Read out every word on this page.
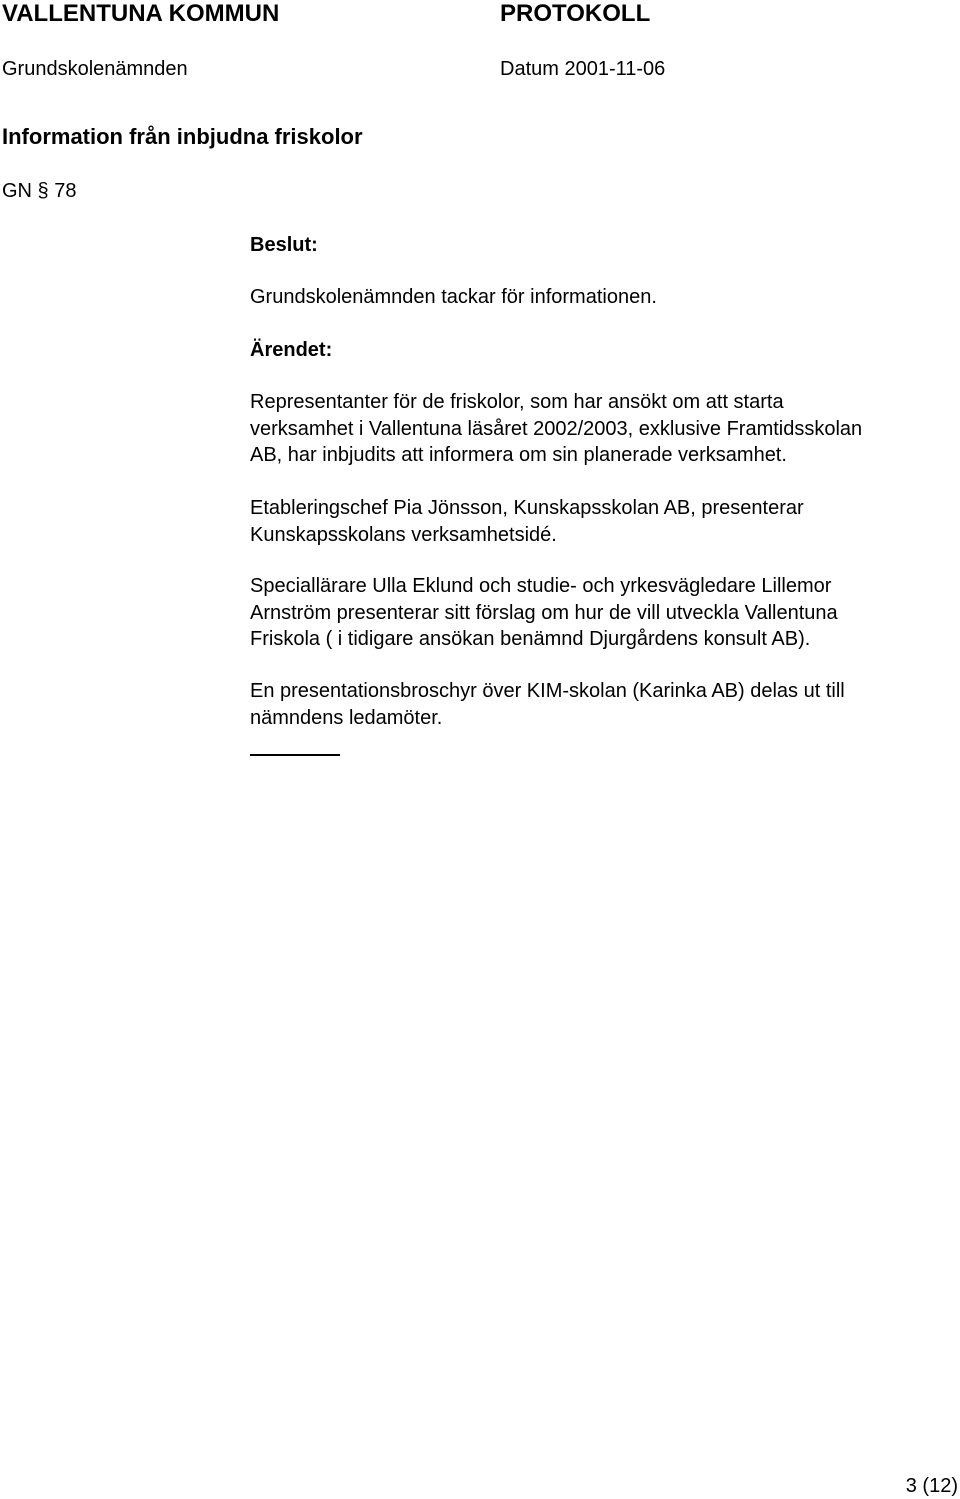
VALLENTUNA KOMMUN	PROTOKOLL
Grundskolenämnden	Datum 2001-11-06
Information från inbjudna friskolor
GN § 78
Beslut:
Grundskolenämnden tackar för informationen.
Ärendet:
Representanter för de friskolor, som har ansökt om att starta
verksamhet i Vallentuna läsåret 2002/2003, exklusive Framtidsskolan
AB, har inbjudits att informera om sin planerade verksamhet.
Etableringschef Pia Jönsson, Kunskapsskolan AB, presenterar
Kunskapsskolans verksamhetsidé.
Speciallärare Ulla Eklund och studie- och yrkesvägledare Lillemor
Arnström presenterar sitt förslag om hur de vill utveckla Vallentuna
Friskola ( i tidigare ansökan benämnd Djurgårdens konsult AB).
En presentationsbroschyr över KIM-skolan (Karinka AB) delas ut till
nämndens ledamöter.
3 (12)
